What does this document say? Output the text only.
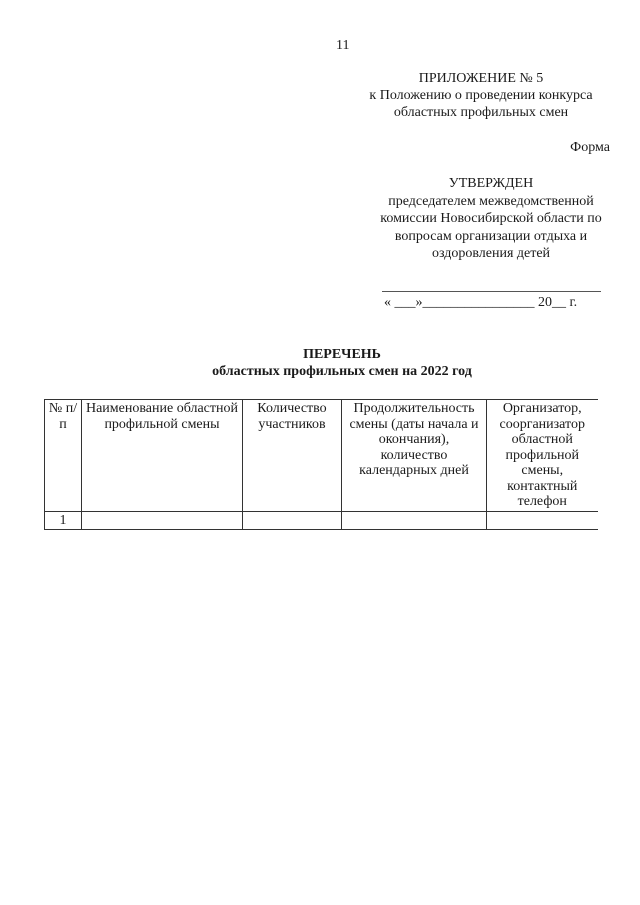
11
ПРИЛОЖЕНИЕ № 5
к Положению о проведении конкурса
областных профильных смен
Форма
УТВЕРЖДЕН
председателем межведомственной
комиссии Новосибирской области по
вопросам организации отдыха и
оздоровления детей
« ___»________________ 20__ г.
ПЕРЕЧЕНЬ
областных профильных смен на 2022 год
№ п/п	Наименование областной профильной смены	Количество участников	Продолжительность смены (даты начала и окончания), количество календарных дней	Организатор, соорганизатор областной профильной смены, контактный телефон
1				
